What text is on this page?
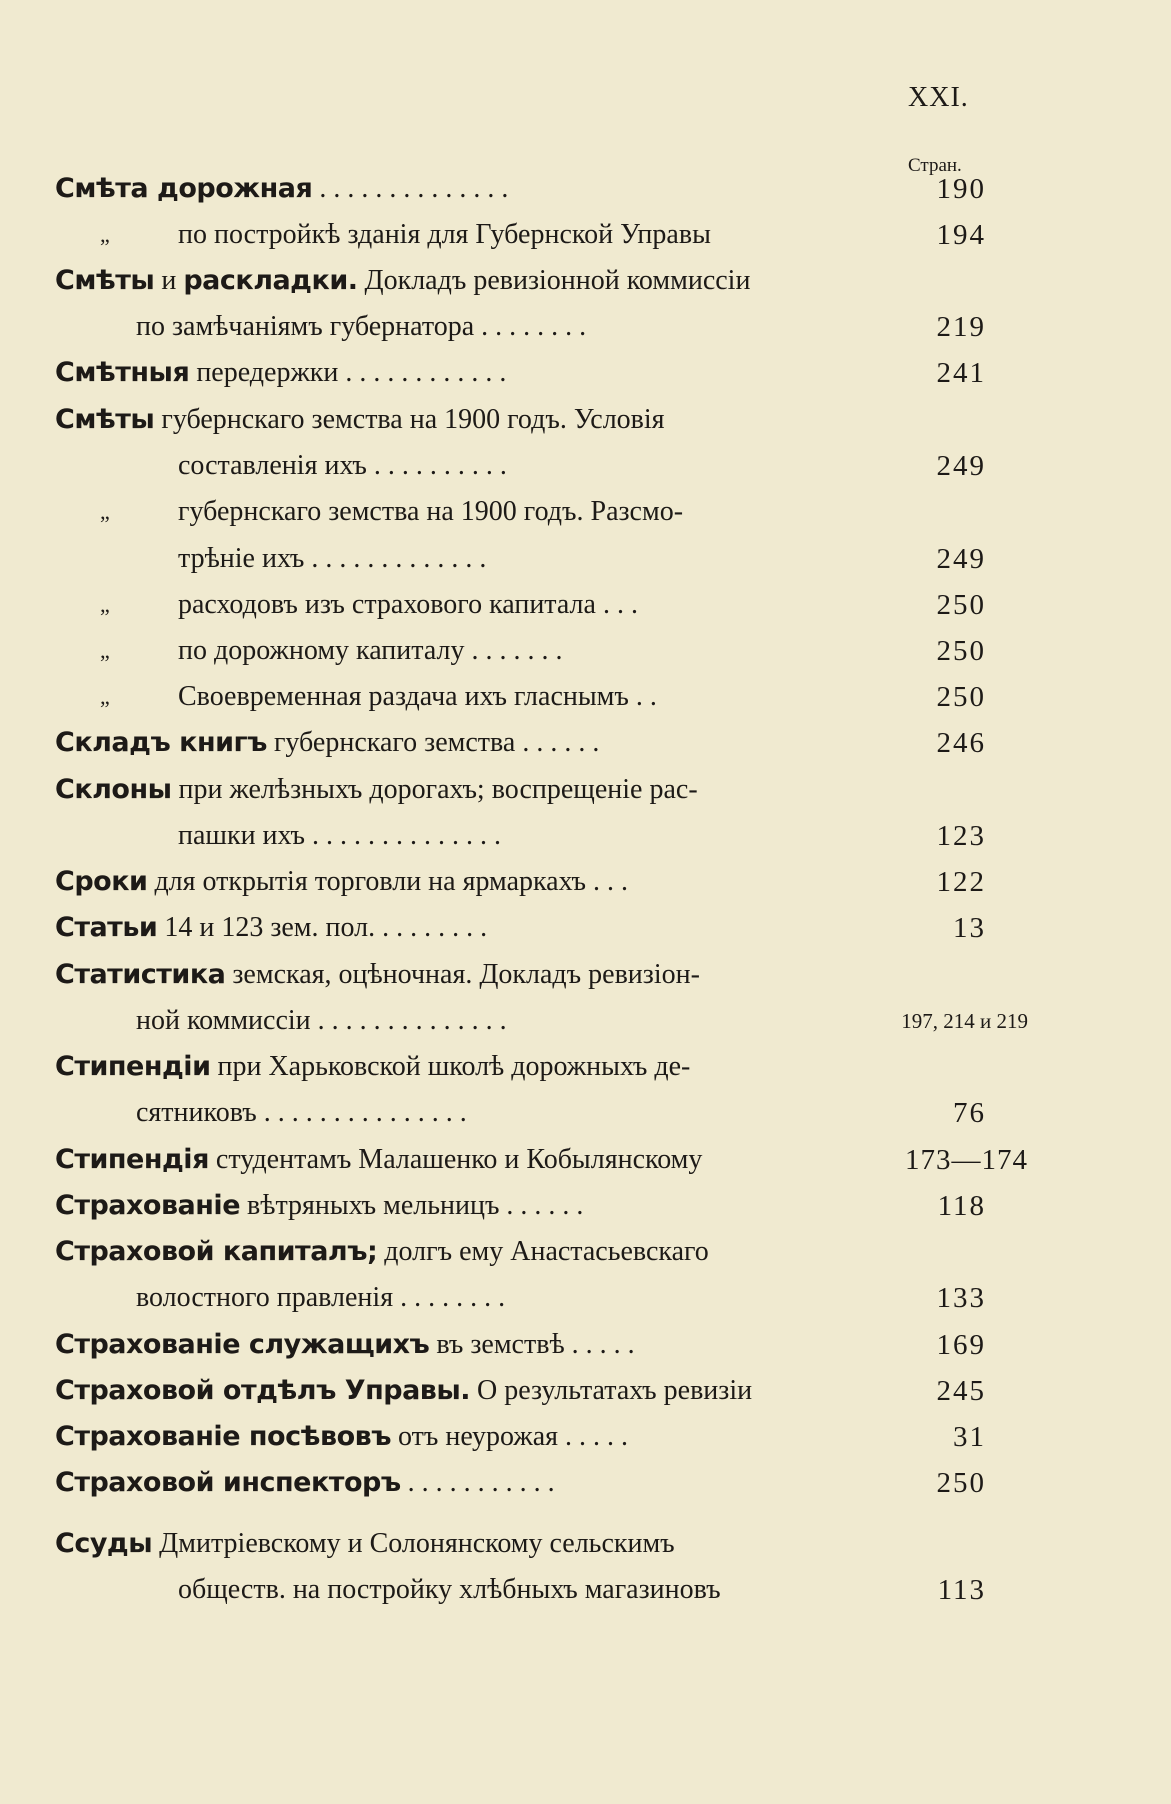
XXI.
Стран.
Смѣта дорожная . . . . . . . . . . . . . .	190
„ по постройкѣ зданія для Губернской Управы	194
Смѣты и раскладки. Докладъ ревизіонной коммиссіи
по замѣчаніямъ губернатора . . . . . . . .	219
Смѣтныя передержки . . . . . . . . . . . .	241
Смѣты губернскаго земства на 1900 годъ. Условія
составленія ихъ . . . . . . . . . .	249
„ губернскаго земства на 1900 годъ. Разсмо-
трѣніе ихъ . . . . . . . . . . . . .	249
„ расходовъ изъ страхового капитала . . .	250
„ по дорожному капиталу . . . . . . .	250
„ Своевременная раздача ихъ гласнымъ . .	250
Складъ книгъ губернскаго земства . . . . . .	246
Склоны при желѣзныхъ дорогахъ; воспрещеніе рас-
пашки ихъ . . . . . . . . . . . . . .	123
Сроки для открытія торговли на ярмаркахъ . . .	122
Статьи 14 и 123 зем. пол. . . . . . . . .	13
Статистика земская, оцѣночная. Докладъ ревизіон-
ной коммиссіи . . . . . . . . . . . . . .	197, 214 и 219
Стипендіи при Харьковской школѣ дорожныхъ де-
сятниковъ . . . . . . . . . . . . . . .	76
Стипендія студентамъ Малашенко и Кобылянскому	173—174
Страхованіе вѣтряныхъ мельницъ . . . . . .	118
Страховой капиталъ; долгъ ему Анастасьевскаго
волостного правленія . . . . . . . .	133
Страхованіе служащихъ въ земствѣ . . . . .	169
Страховой отдѣлъ Управы. О результатахъ ревизіи	245
Страхованіе посѣвовъ отъ неурожая . . . . .	31
Страховой инспекторъ . . . . . . . . . . .	250
Ссуды Дмитріевскому и Солонянскому сельскимъ
обществ. на постройку хлѣбныхъ магазиновъ	113
